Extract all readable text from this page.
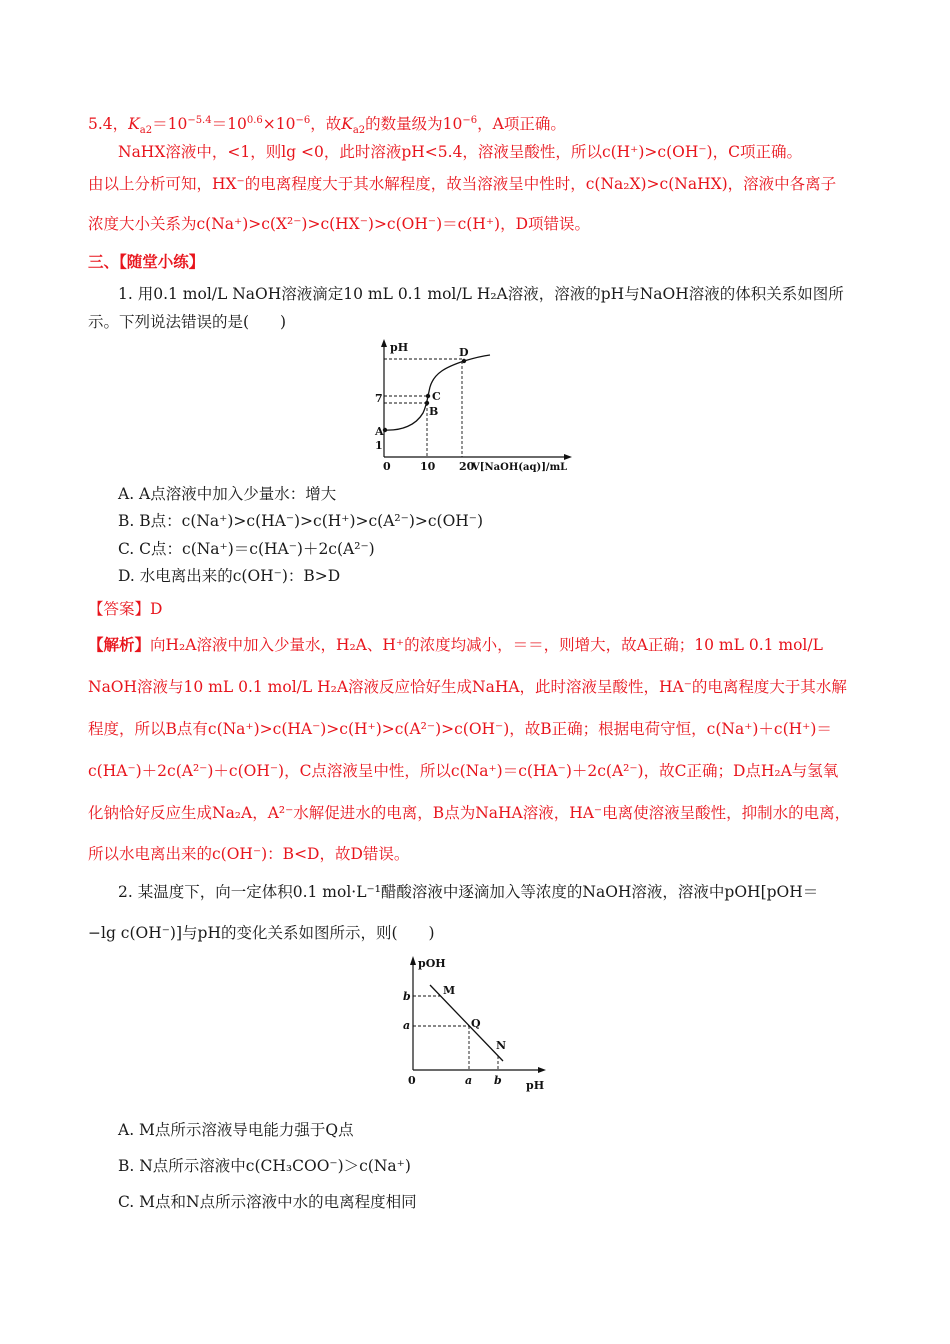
5.4，$K_{a2}=10^{-5.4}=10^{0.6}\times 10^{-6}$，故$K_{a2}$的数量级为$10^{-6}$，A项正确。
NaHX溶液中，<1，则lg <0，此时溶液pH<5.4，溶液呈酸性，所以c(H⁺)>c(OH⁻)，C项正确。
由以上分析可知，HX⁻的电离程度大于其水解程度，故当溶液呈中性时，c(Na₂X)>c(NaHX)，溶液中各离子
浓度大小关系为c(Na⁺)>c(X²⁻)>c(HX⁻)>c(OH⁻)＝c(H⁺)，D项错误。
三、【随堂小练】
1. 用0.1 mol/L NaOH溶液滴定10 mL 0.1 mol/L H₂A溶液，溶液的pH与NaOH溶液的体积关系如图所
示。下列说法错误的是(　　)
pH
V[NaOH(aq)]/mL
7
1
0	10 20
A
B
C
D
A. A点溶液中加入少量水：增大
B. B点：c(Na⁺)>c(HA⁻)>c(H⁺)>c(A²⁻)>c(OH⁻)
C. C点：c(Na⁺)＝c(HA⁻)＋2c(A²⁻)
D. 水电离出来的c(OH⁻)：B>D
【答案】D
【解析】向H₂A溶液中加入少量水，H₂A、H⁺的浓度均减小，＝＝，则增大，故A正确；10 mL 0.1 mol/L
NaOH溶液与10 mL 0.1 mol/L H₂A溶液反应恰好生成NaHA，此时溶液呈酸性，HA⁻的电离程度大于其水解
程度，所以B点有c(Na⁺)>c(HA⁻)>c(H⁺)>c(A²⁻)>c(OH⁻)，故B正确；根据电荷守恒，c(Na⁺)＋c(H⁺)＝
c(HA⁻)＋2c(A²⁻)＋c(OH⁻)，C点溶液呈中性，所以c(Na⁺)＝c(HA⁻)＋2c(A²⁻)，故C正确；D点H₂A与氢氧
化钠恰好反应生成Na₂A，A²⁻水解促进水的电离，B点为NaHA溶液，HA⁻电离使溶液呈酸性，抑制水的电离，
所以水电离出来的c(OH⁻)：B<D，故D错误。
2. 某温度下，向一定体积0.1 mol·L⁻¹醋酸溶液中逐滴加入等浓度的NaOH溶液，溶液中pOH[pOH＝
−lg c(OH⁻)]与pH的变化关系如图所示，则(　　)
pOH
pH
b
a
0	a b
M
Q
N
A. M点所示溶液导电能力强于Q点
B. N点所示溶液中c(CH₃COO⁻)＞c(Na⁺)
C. M点和N点所示溶液中水的电离程度相同
